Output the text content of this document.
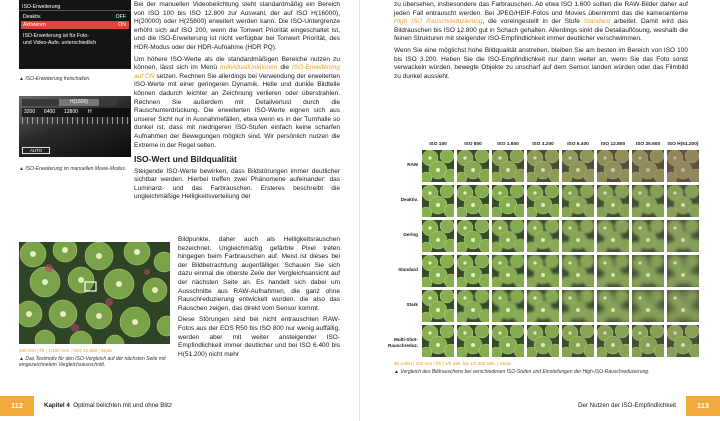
ISO-Erweiterung
Deaktiv.	OFF
Aktivieren	ON
ISO-Erweiterung ist für Foto-
und Video-Aufn. unterschiedlich
▲ ISO-Erweiterung freischalten.
H(1600)
3200 6400 12800 H
AUTO
▲ ISO-Erweiterung im manuellen Movie-Modus.

Bei der manuellen Videobelichtung steht standardmäßig ein Bereich von ISO 100 bis ISO 12.800 zur Auswahl, der auf ISO H(16000), H(20000) oder H(25600) erweitert werden kann. Die ISO-Untergrenze erhöht sich auf ISO 200, wenn die Tonwert Priorität eingeschaltet ist, und die ISO-Erweiterung ist nicht verfügbar bei Tonwert Priorität, des HDR-Modus oder der HDR-Aufnahme (HDR PQ).

Um höhere ISO-Werte als die standardmäßigen Bereiche nutzen zu können, lässt sich im Menü Individualfunktionen die ISO-Erweiterung auf ON setzen. Rechnen Sie allerdings bei Verwendung der erweiterten ISO-Werte mit einer geringeren Dynamik. Helle und dunkle Bildteile können dadurch leichter an Zeichnung verlieren oder überstrahlen. Rechnen Sie außerdem mit Detailverlust durch die Rauschunterdrückung. Die erweiterten ISO-Werte eignen sich aus unserer Sicht nur in Ausnahmefällen, etwa wenn es in der Turnhalle so dunkel ist, dass mit niedrigeren ISO-Stufen einfach keine scharfen Aufnahmen der Bewegungen möglich sind. Wir persönlich nutzen die Extreme in der Regel selten.

ISO-Wert und Bildqualität

Steigende ISO-Werte bewirken, dass Bildstörungen immer deutlicher sichtbar werden. Hierbei treffen zwei Phänomene aufeinander: das Luminanz- und das Farbrauschen. Ersteres beschreibt die ungleichmäßige Helligkeitsverteilung der

Bildpunkte, daher auch als Helligkeitsrauschen bezeichnet. Ungleichmäßig gefärbte Pixel treten hingegen beim Farbrauschen auf. Meist ist dieses bei der Bildbetrachtung augenfälliger. Schauen Sie sich dazu einmal die oberste Zeile der Vergleichsansicht auf der nächsten Seite an. Es handelt sich dabei um Ausschnitte aus RAW-Aufnahmen, die ganz ohne Rauschreduzierung entwickelt wurden, die also das Rauschen zeigen, das direkt vom Sensor kommt.

Diese Störungen sind bei nicht entrauschten RAW-Fotos aus der EOS R50 bis ISO 800 nur wenig auffällig, werden aber mit weiter ansteigender ISO-Empfindlichkeit immer deutlicher und bei ISO 6.400 bis H(51.200) nicht mehr

100 mm | f/8 | 1/100 Sek. | ISO 12.800 | Stativ
▲ Das Testmotiv für den ISO-Vergleich auf der nächsten Seite mit eingezeichnetem Vergleichsausschnitt.
112	Kapitel 4 Optimal belichten mit und ohne Blitz

zu übersehen, insbesondere das Farbrauschen. Ab etwa ISO 1.600 sollten die RAW-Bilder daher auf jeden Fall entrauscht werden. Bei JPEG/HEIF-Fotos und Movies übernimmt das die kamerainterne High ISO Rauschreduzierung, die voreingestellt in der Stufe Standard arbeitet. Damit wird das Bildrauschen bis ISO 12.800 gut in Schach gehalten. Allerdings sinkt die Detailauflösung, weshalb die feinen Strukturen mit steigender ISO-Empfindlichkeit immer deutlicher verschwimmen.

Wenn Sie eine möglichst hohe Bildqualität anstreben, bleiben Sie am besten im Bereich von ISO 100 bis ISO 3.200. Heben Sie die ISO-Empfindlichkeit nur dann weiter an, wenn Sie das Foto sonst verwackeln würden, bewegte Objekte zu unscharf auf dem Sensor landen würden oder das Filmbild zu dunkel aussieht.

ISO 100	ISO 800	ISO 1.600	ISO 3.200	ISO 6.400	ISO 12.800	ISO 25.600	ISO H(51.200)
RAW
Deaktiv.
Gering
Standard
Stark
Multi-Shot-Rauschreduz.
60 x-Bild | 100 mm | f/8 | 1/5 Sek. bis 1/2.000 Sek. | Stativ
▲ Vergleich des Bildrauschens bei verschiedenen ISO-Stufen und Einstellungen der High-ISO-Rauschreduzierung.
Der Nutzen der ISO-Empfindlichkeit	113
